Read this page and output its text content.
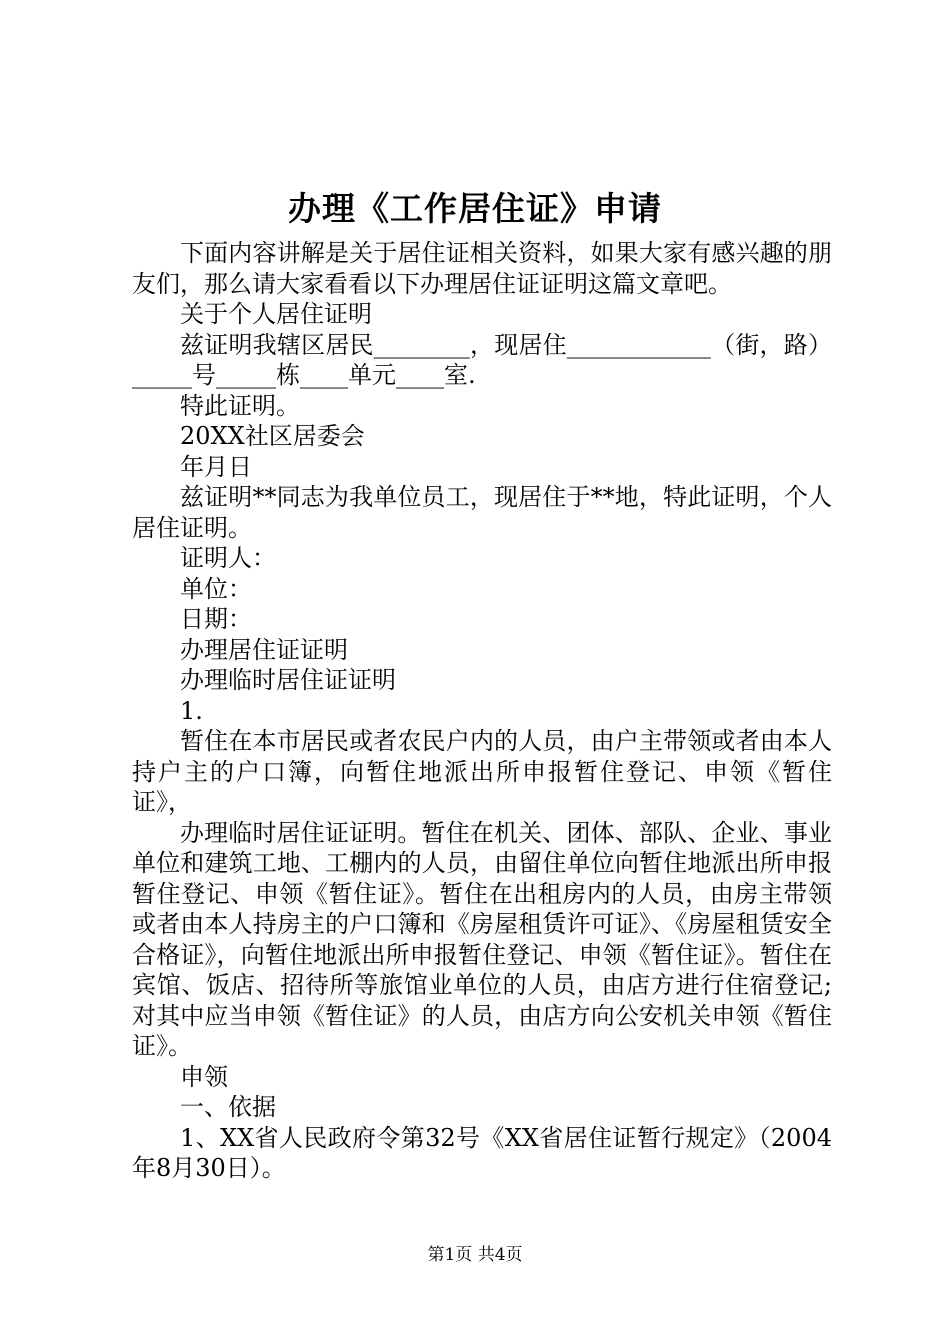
办理《工作居住证》申请

下面内容讲解是关于居住证相关资料，如果大家有感兴趣的朋友们，那么请大家看看以下办理居住证证明这篇文章吧。

关于个人居住证明

兹证明我辖区居民________，现居住____________（街，路）_____号_____栋____单元____室.

特此证明。

20XX社区居委会

年月日

兹证明**同志为我单位员工，现居住于**地，特此证明，个人居住证明。

证明人：

单位：

日期：

办理居住证证明

办理临时居住证证明

1.

暂住在本市居民或者农民户内的人员，由户主带领或者由本人持户主的户口簿，向暂住地派出所申报暂住登记、申领《暂住证》，

办理临时居住证证明。暂住在机关、团体、部队、企业、事业单位和建筑工地、工棚内的人员，由留住单位向暂住地派出所申报暂住登记、申领《暂住证》。暂住在出租房内的人员，由房主带领或者由本人持房主的户口簿和《房屋租赁许可证》、《房屋租赁安全合格证》，向暂住地派出所申报暂住登记、申领《暂住证》。暂住在宾馆、饭店、招待所等旅馆业单位的人员，由店方进行住宿登记;对其中应当申领《暂住证》的人员，由店方向公安机关申领《暂住证》。

申领

一、依据

1、XX省人民政府令第32号《XX省居住证暂行规定》（2004年8月30日）。

第1页 共4页
